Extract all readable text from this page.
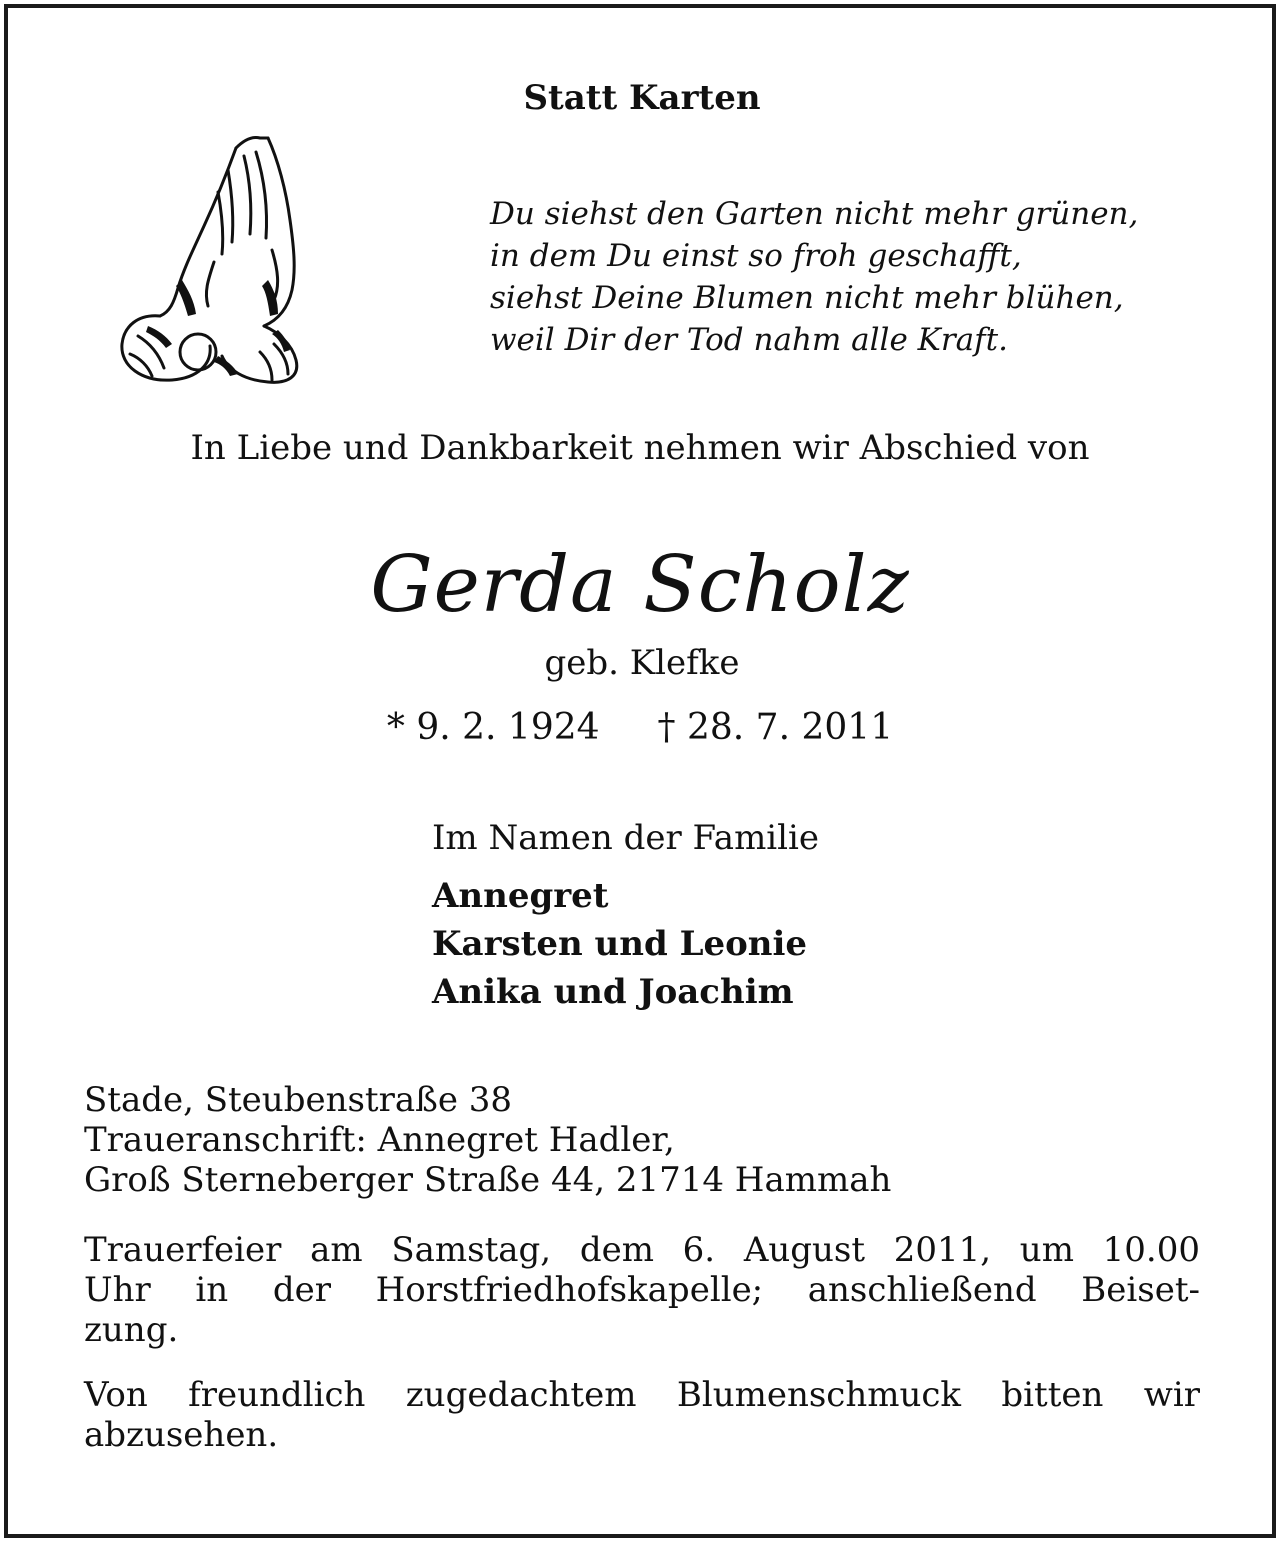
Statt Karten
Du siehst den Garten nicht mehr grünen,
in dem Du einst so froh geschafft,
siehst Deine Blumen nicht mehr blühen,
weil Dir der Tod nahm alle Kraft.
In Liebe und Dankbarkeit nehmen wir Abschied von
Gerda Scholz
geb. Klefke
* 9. 2. 1924 † 28. 7. 2011
Im Namen der Familie
Annegret
Karsten und Leonie
Anika und Joachim
Stade, Steubenstraße 38
Traueranschrift: Annegret Hadler,
Groß Sterneberger Straße 44, 21714 Hammah
Trauerfeier am Samstag, dem 6. August 2011, um 10.00
Uhr in der Horstfriedhofskapelle; anschließend Beiset-
zung.
Von freundlich zugedachtem Blumenschmuck bitten wir
abzusehen.
